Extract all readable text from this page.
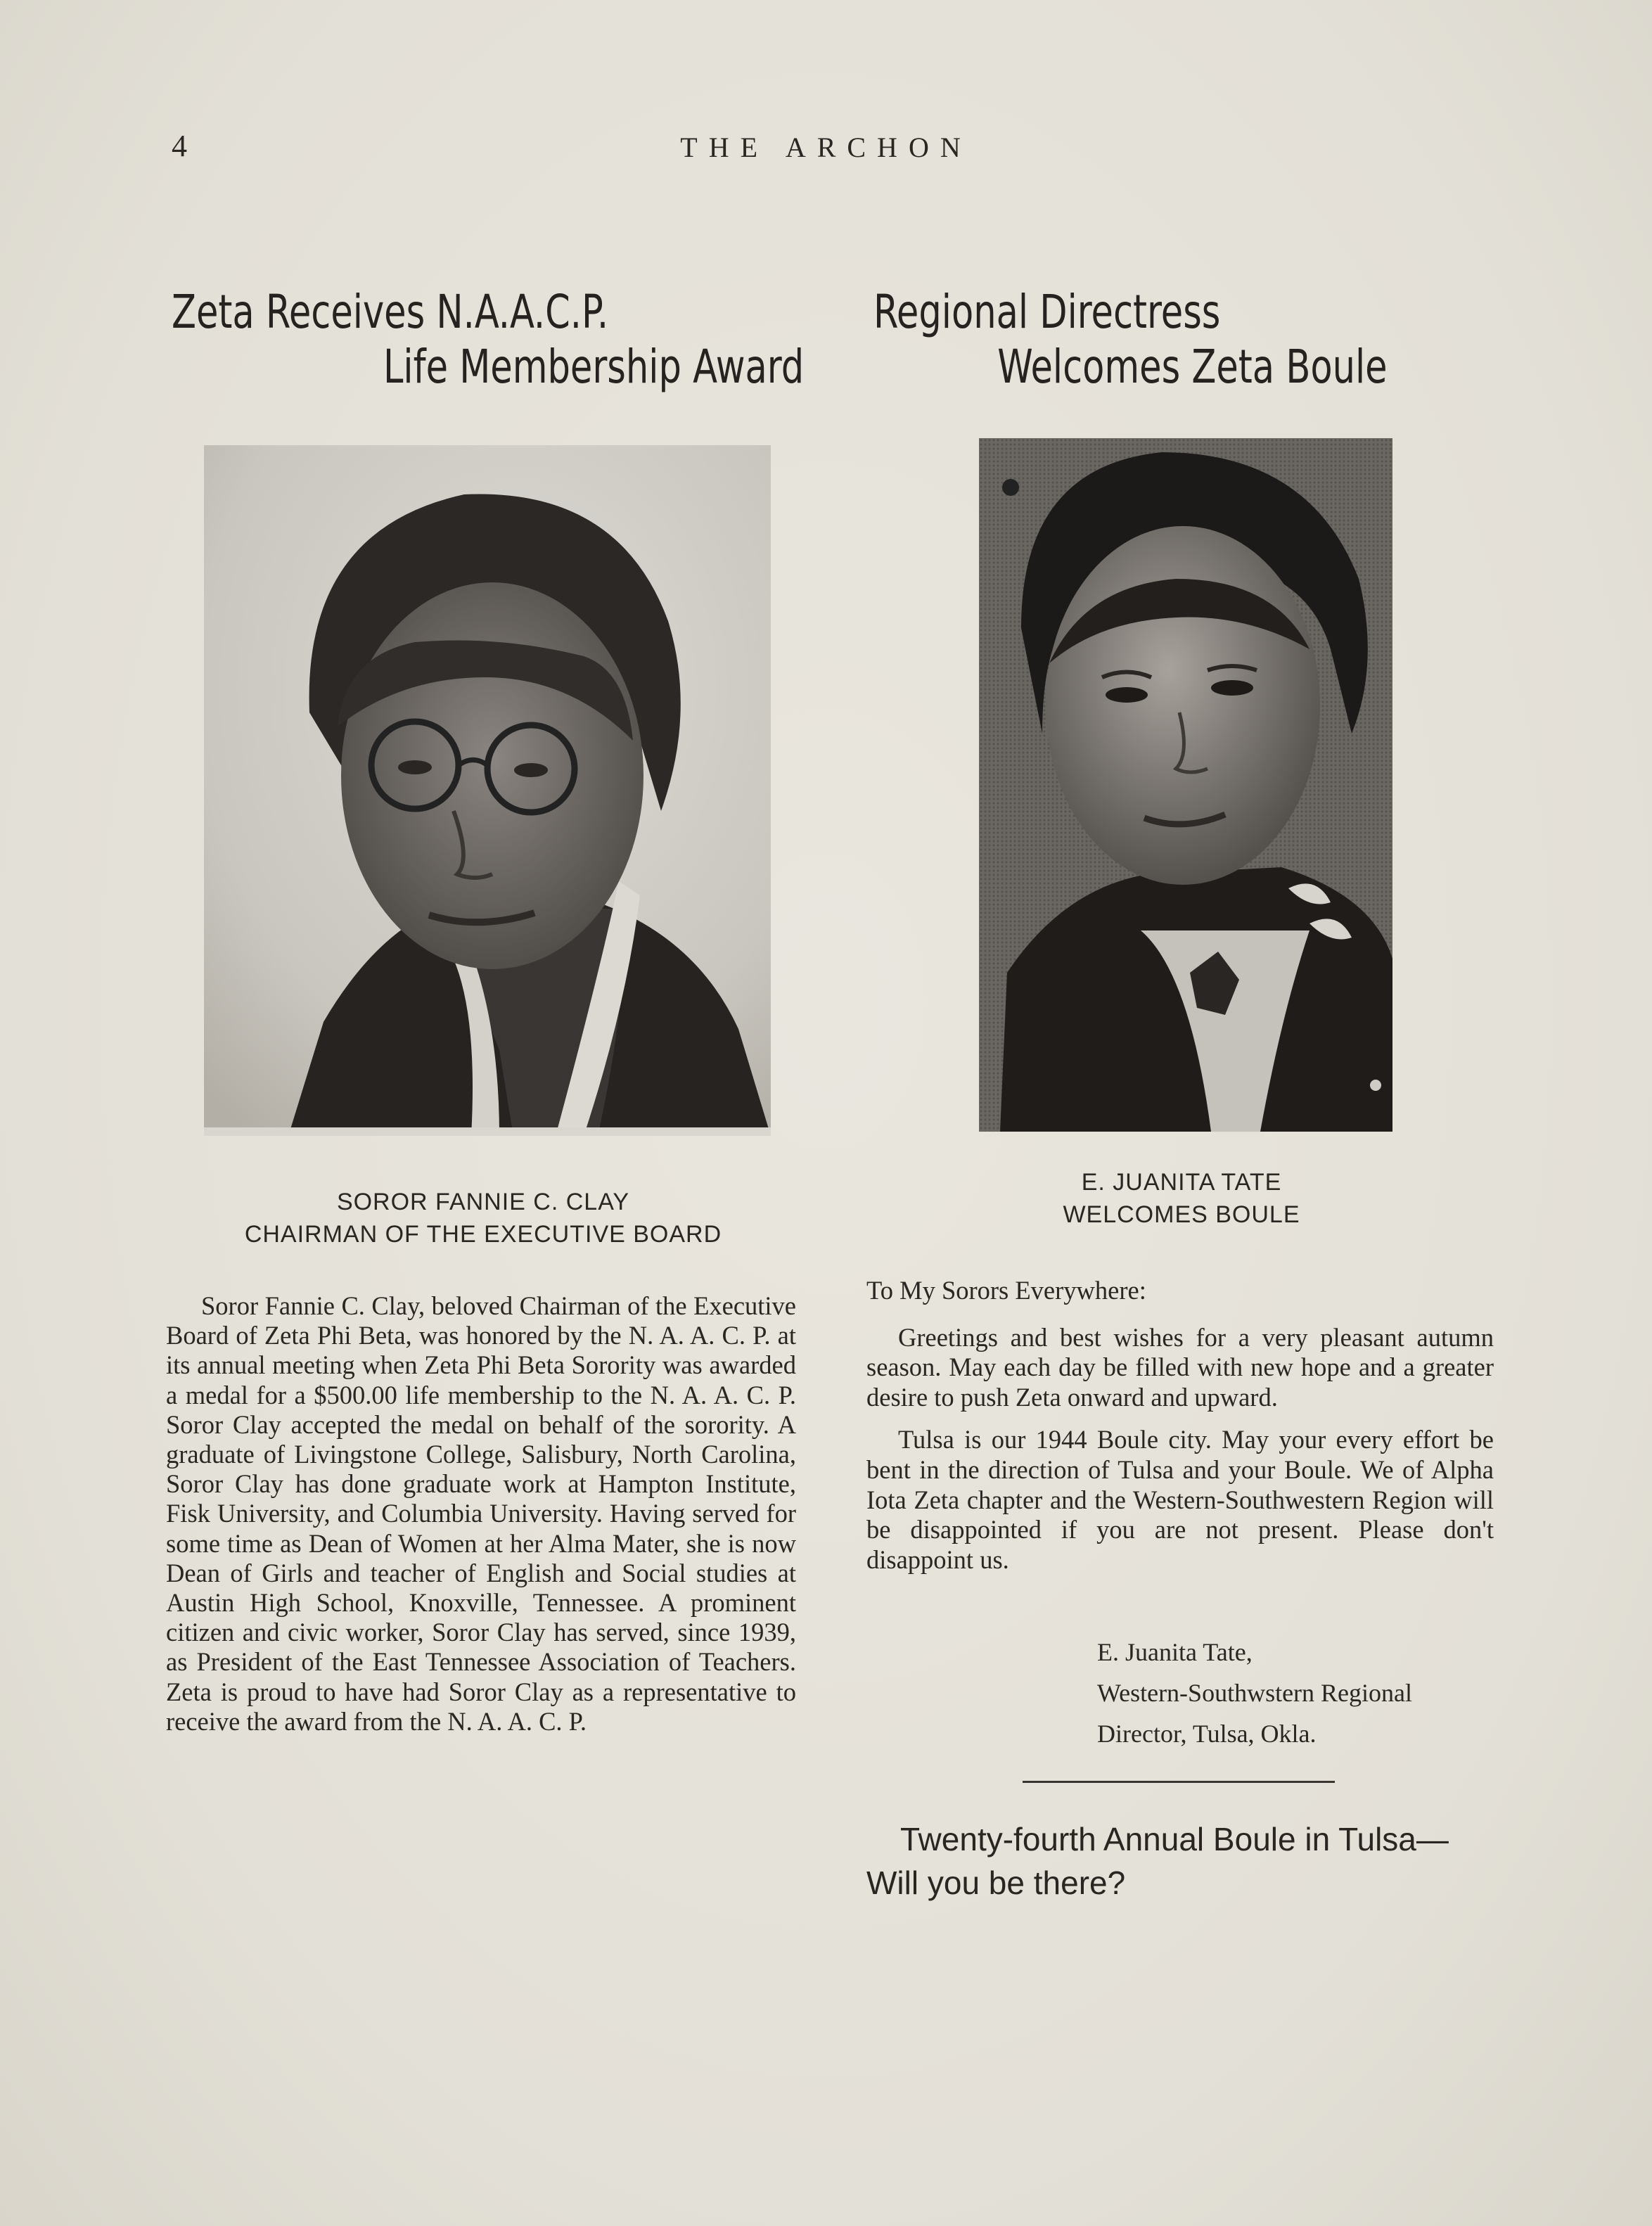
4	THE ARCHON
Zeta Receives N.A.A.C.P.
Life Membership Award
SOROR FANNIE C. CLAY
CHAIRMAN OF THE EXECUTIVE BOARD

Soror Fannie C. Clay, beloved Chairman of the Executive Board of Zeta Phi Beta, was honored by the N. A. A. C. P. at its annual meeting when Zeta Phi Beta Sorority was awarded a medal for a $500.00 life membership to the N. A. A. C. P. Soror Clay accepted the medal on behalf of the sorority. A graduate of Livingstone College, Salisbury, North Carolina, Soror Clay has done graduate work at Hampton Institute, Fisk University, and Columbia University. Having served for some time as Dean of Women at her Alma Mater, she is now Dean of Girls and teacher of English and Social studies at Austin High School, Knoxville, Tennessee. A prominent citizen and civic worker, Soror Clay has served, since 1939, as President of the East Tennessee Association of Teachers. Zeta is proud to have had Soror Clay as a representative to receive the award from the N. A. A. C. P.

Regional Directress
Welcomes Zeta Boule
E. JUANITA TATE
WELCOMES BOULE

To My Sorors Everywhere:

Greetings and best wishes for a very pleasant autumn season. May each day be filled with new hope and a greater desire to push Zeta onward and upward.

Tulsa is our 1944 Boule city. May your every effort be bent in the direction of Tulsa and your Boule. We of Alpha Iota Zeta chapter and the Western-Southwestern Region will be disappointed if you are not present. Please don't disappoint us.

E. Juanita Tate,
Western-Southwstern Regional
Director, Tulsa, Okla.
Twenty-fourth Annual Boule in Tulsa—
Will you be there?
